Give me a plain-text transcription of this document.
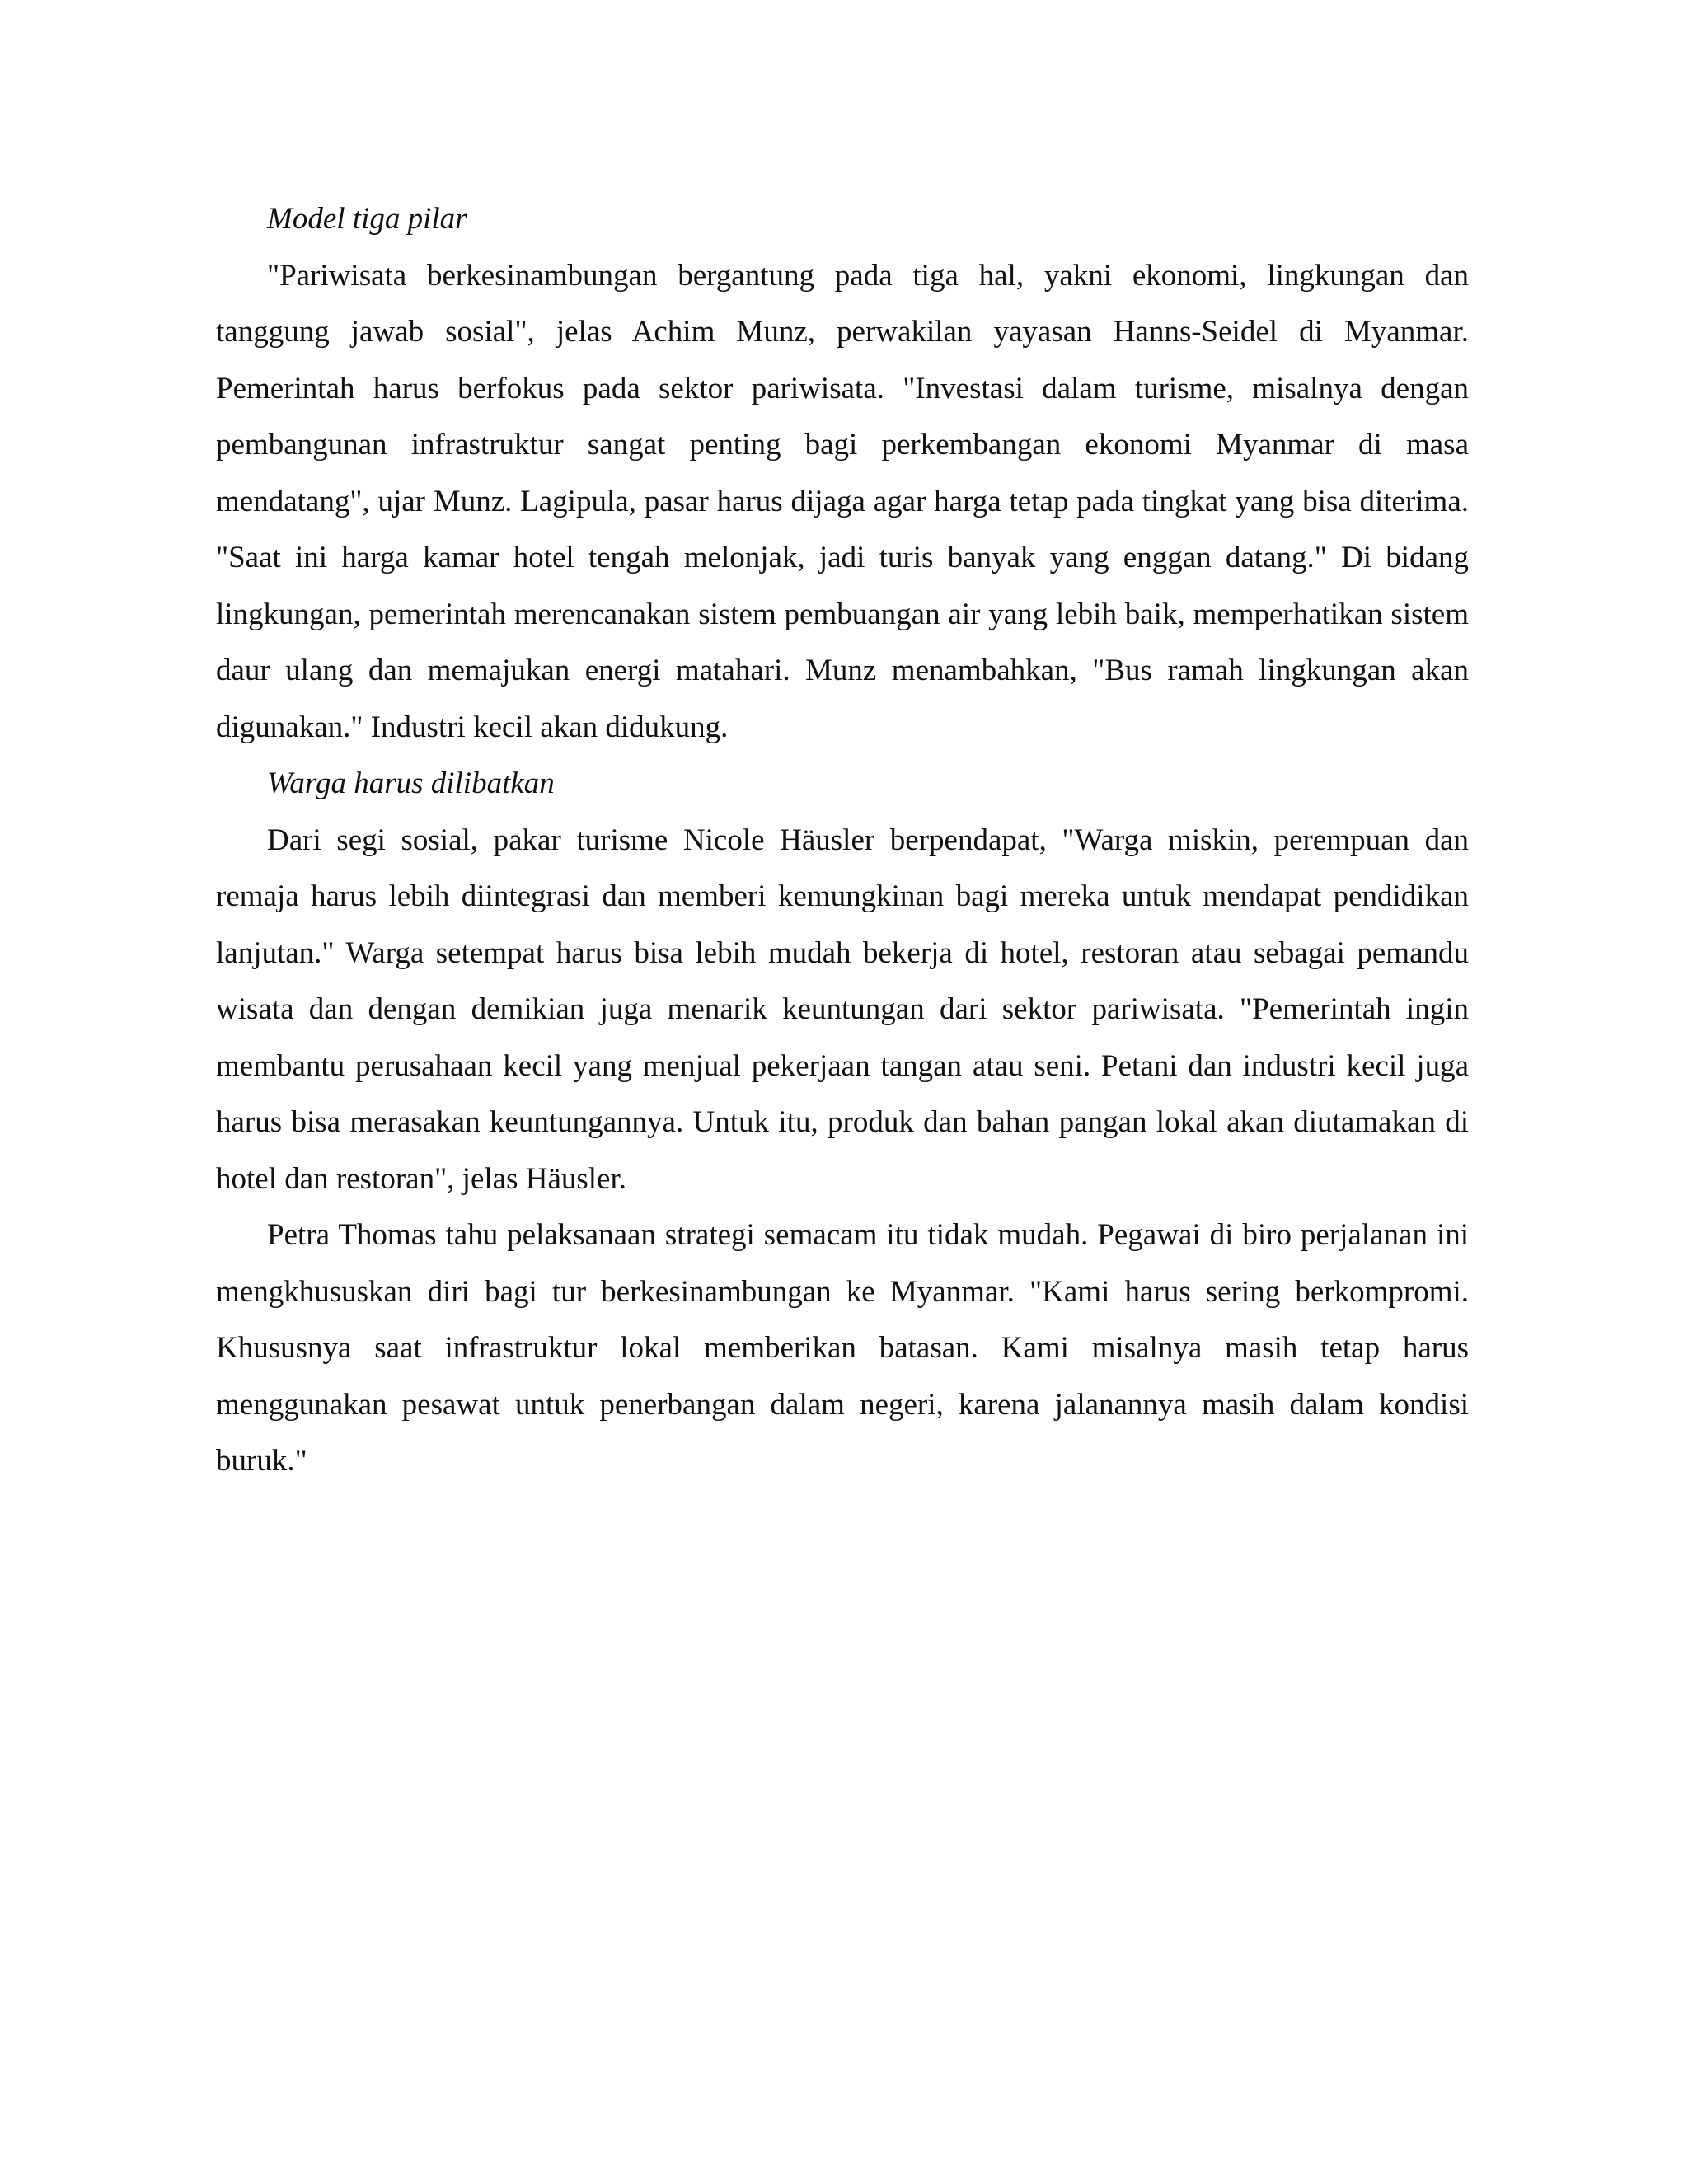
Model tiga pilar

"Pariwisata berkesinambungan bergantung pada tiga hal, yakni ekonomi, lingkungan dan tanggung jawab sosial", jelas Achim Munz, perwakilan yayasan Hanns-Seidel di Myanmar. Pemerintah harus berfokus pada sektor pariwisata. "Investasi dalam turisme, misalnya dengan pembangunan infrastruktur sangat penting bagi perkembangan ekonomi Myanmar di masa mendatang", ujar Munz. Lagipula, pasar harus dijaga agar harga tetap pada tingkat yang bisa diterima. "Saat ini harga kamar hotel tengah melonjak, jadi turis banyak yang enggan datang." Di bidang lingkungan, pemerintah merencanakan sistem pembuangan air yang lebih baik, memperhatikan sistem daur ulang dan memajukan energi matahari. Munz menambahkan, "Bus ramah lingkungan akan digunakan." Industri kecil akan didukung.

Warga harus dilibatkan

Dari segi sosial, pakar turisme Nicole Häusler berpendapat, "Warga miskin, perempuan dan remaja harus lebih diintegrasi dan memberi kemungkinan bagi mereka untuk mendapat pendidikan lanjutan." Warga setempat harus bisa lebih mudah bekerja di hotel, restoran atau sebagai pemandu wisata dan dengan demikian juga menarik keuntungan dari sektor pariwisata. "Pemerintah ingin membantu perusahaan kecil yang menjual pekerjaan tangan atau seni. Petani dan industri kecil juga harus bisa merasakan keuntungannya. Untuk itu, produk dan bahan pangan lokal akan diutamakan di hotel dan restoran", jelas Häusler.

Petra Thomas tahu pelaksanaan strategi semacam itu tidak mudah. Pegawai di biro perjalanan ini mengkhususkan diri bagi tur berkesinambungan ke Myanmar. "Kami harus sering berkompromi. Khususnya saat infrastruktur lokal memberikan batasan. Kami misalnya masih tetap harus menggunakan pesawat untuk penerbangan dalam negeri, karena jalanannya masih dalam kondisi buruk."
